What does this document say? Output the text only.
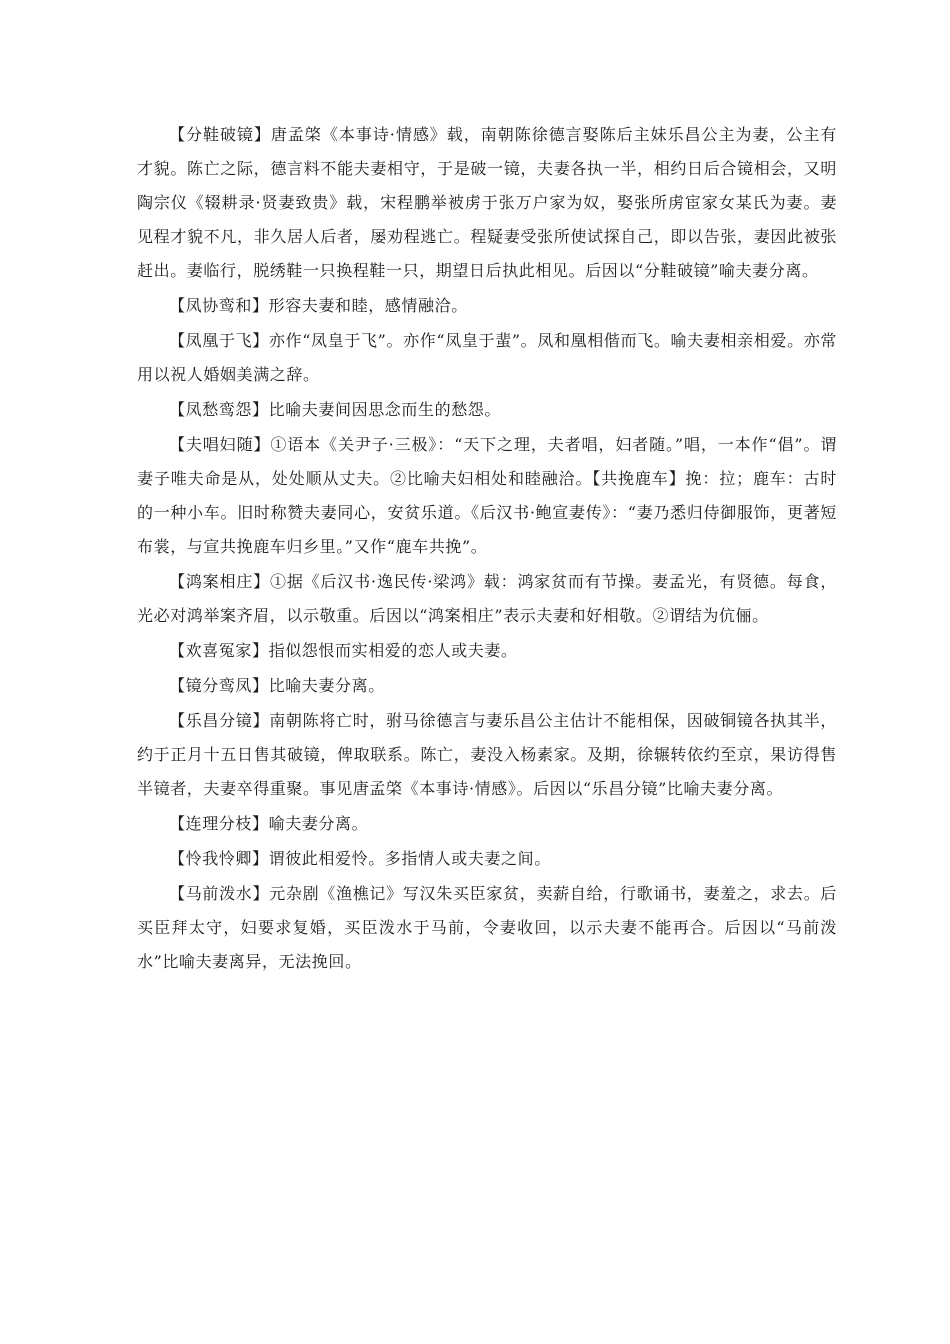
【分鞋破镜】唐孟棨《本事诗·情感》载，南朝陈徐德言娶陈后主妹乐昌公主为妻，公主有才貌。陈亡之际，德言料不能夫妻相守，于是破一镜，夫妻各执一半，相约日后合镜相会，又明陶宗仪《辍耕录·贤妻致贵》载，宋程鹏举被虏于张万户家为奴，娶张所虏宦家女某氏为妻。妻见程才貌不凡，非久居人后者，屡劝程逃亡。程疑妻受张所使试探自己，即以告张，妻因此被张赶出。妻临行，脱绣鞋一只换程鞋一只，期望日后执此相见。后因以“分鞋破镜”喻夫妻分离。

【凤协鸾和】形容夫妻和睦，感情融洽。

【凤凰于飞】亦作“凤皇于飞”。亦作“凤皇于蜚”。凤和凰相偕而飞。喻夫妻相亲相爱。亦常用以祝人婚姻美满之辞。

【凤愁鸾怨】比喻夫妻间因思念而生的愁怨。

【夫唱妇随】①语本《关尹子·三极》：“天下之理，夫者唱，妇者随。”唱，一本作“倡”。谓妻子唯夫命是从，处处顺从丈夫。②比喻夫妇相处和睦融洽。【共挽鹿车】挽：拉；鹿车：古时的一种小车。旧时称赞夫妻同心，安贫乐道。《后汉书·鲍宣妻传》：“妻乃悉归侍御服饰，更著短布裳，与宣共挽鹿车归乡里。”又作“鹿车共挽”。

【鸿案相庄】①据《后汉书·逸民传·梁鸿》载：鸿家贫而有节操。妻孟光，有贤德。每食，光必对鸿举案齐眉，以示敬重。后因以“鸿案相庄”表示夫妻和好相敬。②谓结为伉俪。

【欢喜冤家】指似怨恨而实相爱的恋人或夫妻。

【镜分鸾凤】比喻夫妻分离。

【乐昌分镜】南朝陈将亡时，驸马徐德言与妻乐昌公主估计不能相保，因破铜镜各执其半，约于正月十五日售其破镜，俾取联系。陈亡，妻没入杨素家。及期，徐辗转依约至京，果访得售半镜者，夫妻卒得重聚。事见唐孟棨《本事诗·情感》。后因以“乐昌分镜”比喻夫妻分离。

【连理分枝】喻夫妻分离。

【怜我怜卿】谓彼此相爱怜。多指情人或夫妻之间。

【马前泼水】元杂剧《渔樵记》写汉朱买臣家贫，卖薪自给，行歌诵书，妻羞之，求去。后买臣拜太守，妇要求复婚，买臣泼水于马前，令妻收回，以示夫妻不能再合。后因以“马前泼水”比喻夫妻离异，无法挽回。
